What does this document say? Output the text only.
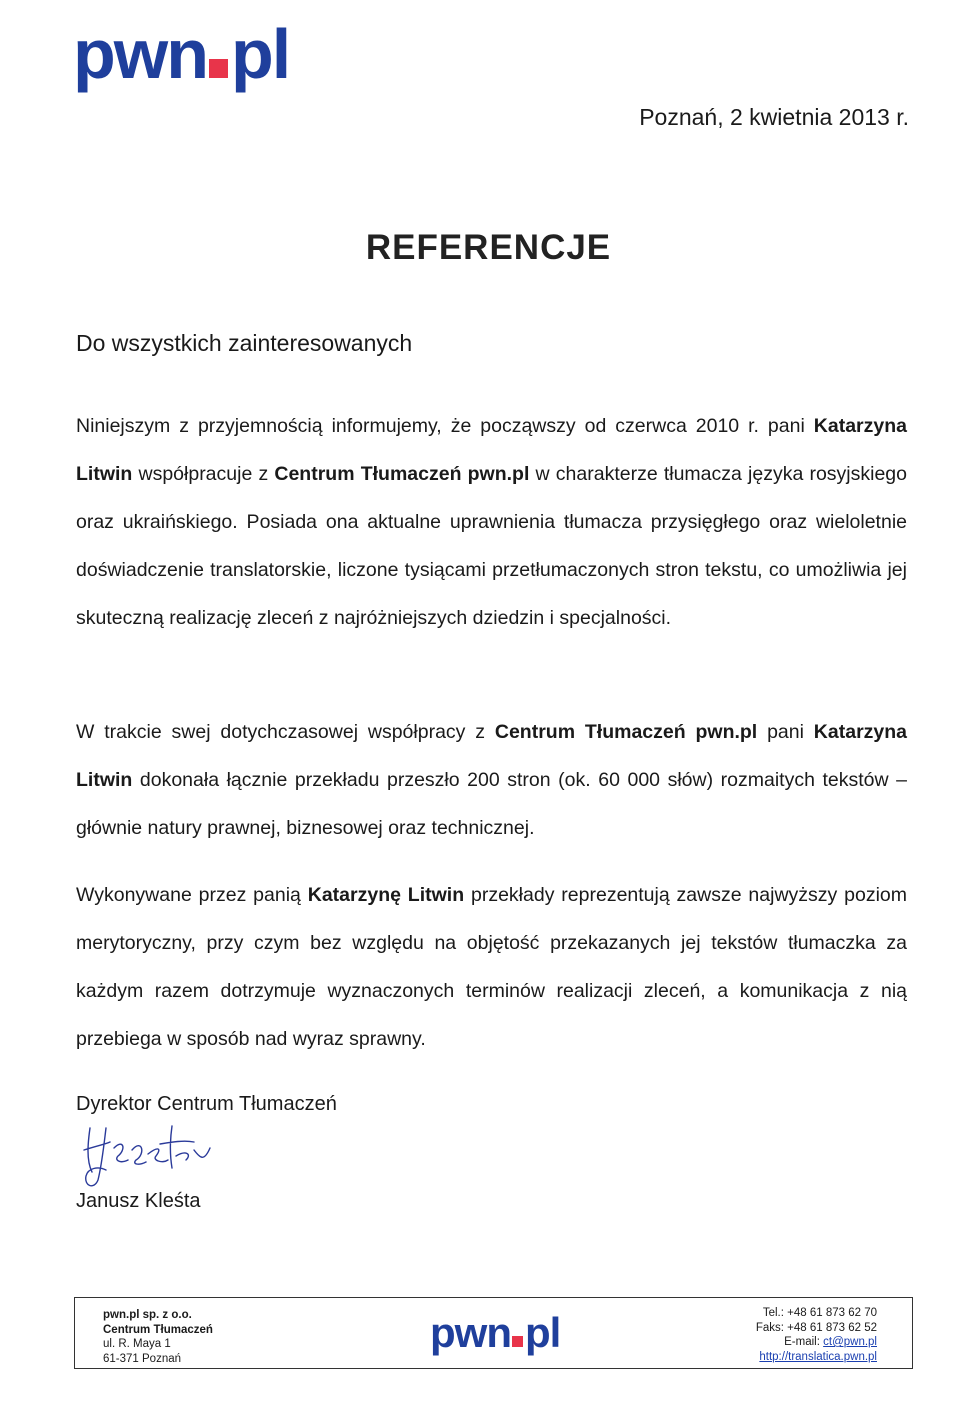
pwn pl
Poznań, 2 kwietnia 2013 r.
REFERENCJE
Do wszystkich zainteresowanych
Niniejszym z przyjemnością informujemy, że począwszy od czerwca 2010 r. pani Katarzyna Litwin współpracuje z Centrum Tłumaczeń pwn.pl w charakterze tłumacza języka rosyjskiego oraz ukraińskiego. Posiada ona aktualne uprawnienia tłumacza przysięgłego oraz wieloletnie doświadczenie translatorskie, liczone tysiącami przetłumaczonych stron tekstu, co umożliwia jej skuteczną realizację zleceń z najróżniejszych dziedzin i specjalności.
W trakcie swej dotychczasowej współpracy z Centrum Tłumaczeń pwn.pl pani Katarzyna Litwin dokonała łącznie przekładu przeszło 200 stron (ok. 60 000 słów) rozmaitych tekstów – głównie natury prawnej, biznesowej oraz technicznej.
Wykonywane przez panią Katarzynę Litwin przekłady reprezentują zawsze najwyższy poziom merytoryczny, przy czym bez względu na objętość przekazanych jej tekstów tłumaczka za każdym razem dotrzymuje wyznaczonych terminów realizacji zleceń, a komunikacja z nią przebiega w sposób nad wyraz sprawny.
Dyrektor Centrum Tłumaczeń
Janusz Kleśta
pwn.pl sp. z o.o.
Centrum Tłumaczeń
ul. R. Maya 1
61-371 Poznań
pwn pl	Tel.: +48 61 873 62 70
Faks: +48 61 873 62 52
E-mail: ct@pwn.pl
http://translatica.pwn.pl
